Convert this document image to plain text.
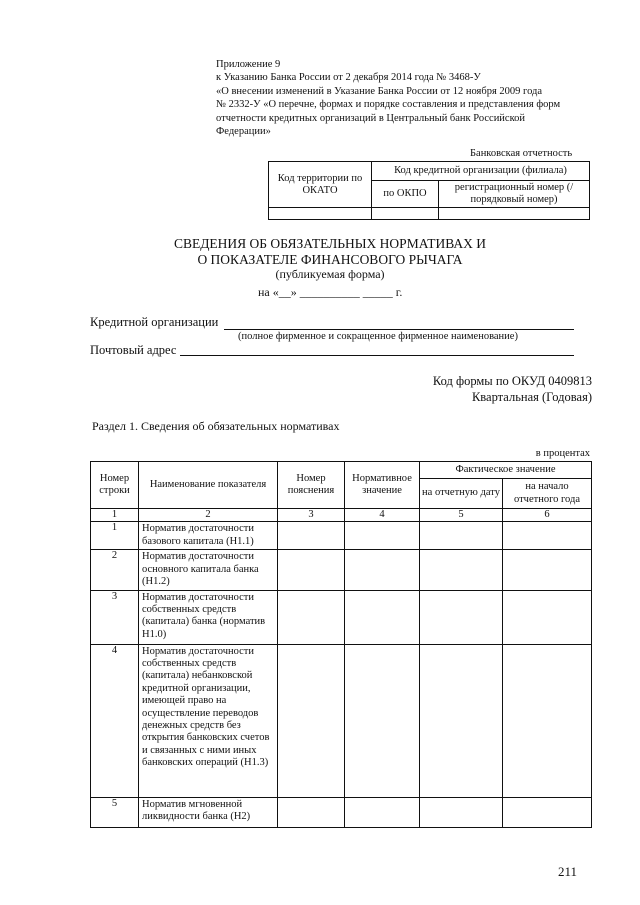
Приложение 9
к Указанию Банка России от 2 декабря 2014 года № 3468-У
«О внесении изменений в Указание Банка России от 12 ноября 2009 года
№ 2332-У «О перечне, формах и порядке составления и представления форм
отчетности кредитных организаций в Центральный банк Российской
Федерации»
Банковская отчетность
Код территории по ОКАТО	Код кредитной организации (филиала)	
	по ОКПО	регистрационный номер (/порядковый номер)

СВЕДЕНИЯ ОБ ОБЯЗАТЕЛЬНЫХ НОРМАТИВАХ И
О ПОКАЗАТЕЛЕ ФИНАНСОВОГО РЫЧАГА
(публикуемая форма)
на «__» __________ _____ г.
Кредитной организации
(полное фирменное и сокращенное фирменное наименование)
Почтовый адрес
Код формы по ОКУД 0409813
Квартальная (Годовая)
Раздел 1. Сведения об обязательных нормативах
в процентах
Номер строки	Наименование показателя	Номер пояснения	Нормативное значение	Фактическое значение	
				на отчетную дату	на начало отчетного года
1	2	3	4	5	6
1	Норматив достаточности базового капитала (Н1.1)				
2	Норматив достаточности основного капитала банка (Н1.2)				
3	Норматив достаточности собственных средств (капитала) банка (норматив Н1.0)				
4	Норматив достаточности собственных средств (капитала) небанковской кредитной организации, имеющей право на осуществление переводов денежных средств без открытия банковских счетов и связанных с ними иных банковских операций (Н1.3)				
5	Норматив мгновенной ликвидности банка (Н2)				
211
